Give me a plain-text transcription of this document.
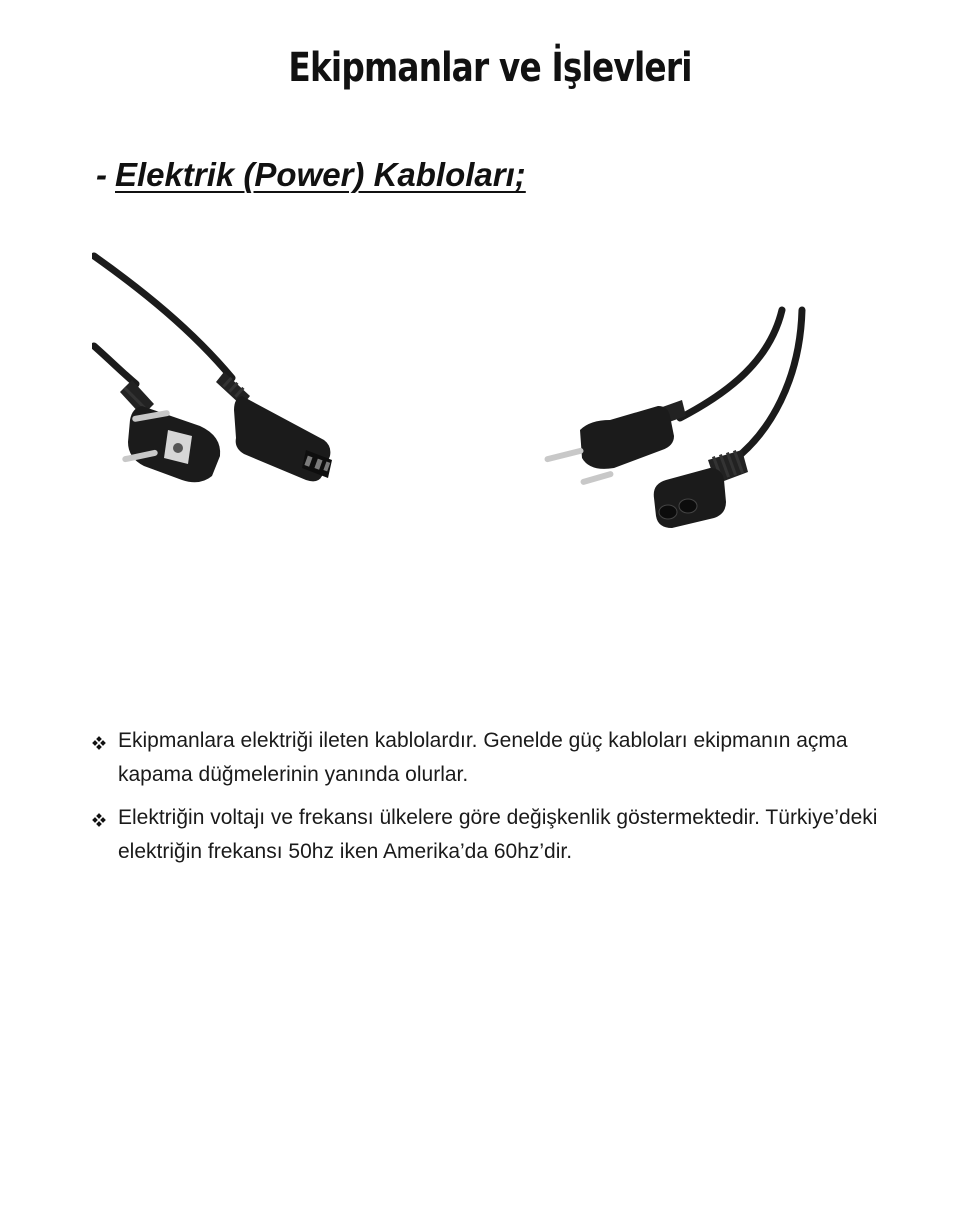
Ekipmanlar ve İşlevleri
- Elektrik (Power) Kabloları;
Ekipmanlara elektriği ileten kablolardır. Genelde güç kabloları ekipmanın açma kapama düğmelerinin yanında olurlar.
Elektriğin voltajı ve frekansı ülkelere göre değişkenlik göstermektedir. Türkiye’deki elektriğin frekansı 50hz iken Amerika’da 60hz’dir.
